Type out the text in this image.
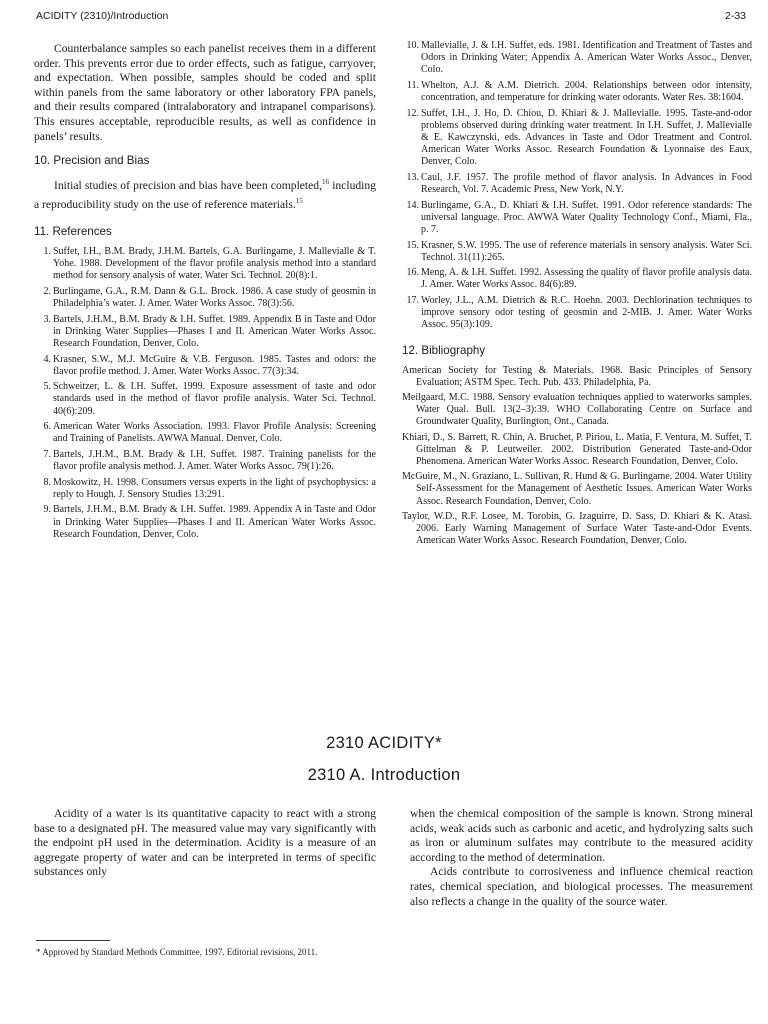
ACIDITY (2310)/Introduction	2-33

Counterbalance samples so each panelist receives them in a different order. This prevents error due to order effects, such as fatigue, carryover, and expectation. When possible, samples should be coded and split within panels from the same laboratory or other laboratory FPA panels, and their results compared (intralaboratory and intrapanel comparisons). This ensures acceptable, reproducible results, as well as confidence in panels’ results.

10. Precision and Bias

Initial studies of precision and bias have been completed,$^{16}$ including a reproducibility study on the use of reference materials.$^{15}$

11. References
1. Suffet, I.H., B.M. Brady, J.H.M. Bartels, G.A. Burlingame, J. Mallevialle & T. Yohe. 1988. Development of the flavor profile analysis method into a standard method for sensory analysis of water. Water Sci. Technol. 20(8):1.
2. Burlingame, G.A., R.M. Dann & G.L. Brock. 1986. A case study of geosmin in Philadelphia’s water. J. Amer. Water Works Assoc. 78(3):56.
3. Bartels, J.H.M., B.M. Brady & I.H. Suffet. 1989. Appendix B in Taste and Odor in Drinking Water Supplies—Phases I and II. American Water Works Assoc. Research Foundation, Denver, Colo.
4. Krasner, S.W., M.J. McGuire & V.B. Ferguson. 1985. Tastes and odors: the flavor profile method. J. Amer. Water Works Assoc. 77(3):34.
5. Schweitzer, L. & I.H. Suffet. 1999. Exposure assessment of taste and odor standards used in the method of flavor profile analysis. Water Sci. Technol. 40(6):209.
6. American Water Works Association. 1993. Flavor Profile Analysis: Screening and Training of Panelists. AWWA Manual. Denver, Colo.
7. Bartels, J.H.M., B.M. Brady & I.H. Suffet. 1987. Training panelists for the flavor profile analysis method. J. Amer. Water Works Assoc. 79(1):26.
8. Moskowitz, H. 1998. Consumers versus experts in the light of psychophysics: a reply to Hough. J. Sensory Studies 13:291.
9. Bartels, J.H.M., B.M. Brady & I.H. Suffet. 1989. Appendix A in Taste and Odor in Drinking Water Supplies—Phases I and II. American Water Works Assoc. Research Foundation, Denver, Colo.
10. Mallevialle, J. & I.H. Suffet, eds. 1981. Identification and Treatment of Tastes and Odors in Drinking Water; Appendix A. American Water Works Assoc., Denver, Colo.
11. Whelton, A.J. & A.M. Dietrich. 2004. Relationships between odor intensity, concentration, and temperature for drinking water odorants. Water Res. 38:1604.
12. Suffet, I.H., J. Ho, D. Chiou, D. Khiari & J. Mallevialle. 1995. Taste-and-odor problems observed during drinking water treatment. In I.H. Suffet, J. Mallevialle & E. Kawczynski, eds. Advances in Taste and Odor Treatment and Control. American Water Works Assoc. Research Foundation & Lyonnaise des Eaux, Denver, Colo.
13. Caul, J.F. 1957. The profile method of flavor analysis. In Advances in Food Research, Vol. 7. Academic Press, New York, N.Y.
14. Burlingame, G.A., D. Khiari & I.H. Suffet. 1991. Odor reference standards: The universal language. Proc. AWWA Water Quality Technology Conf., Miami, Fla., p. 7.
15. Krasner, S.W. 1995. The use of reference materials in sensory analysis. Water Sci. Technol. 31(11):265.
16. Meng, A. & I.H. Suffet. 1992. Assessing the quality of flavor profile analysis data. J. Amer. Water Works Assoc. 84(6):89.
17. Worley, J.L., A.M. Dietrich & R.C. Hoehn. 2003. Dechlorination techniques to improve sensory odor testing of geosmin and 2-MIB. J. Amer. Water Works Assoc. 95(3):109.
12. Bibliography

American Society for Testing & Materials. 1968. Basic Principles of Sensory Evaluation; ASTM Spec. Tech. Pub. 433. Philadelphia, Pa.

Meilgaard, M.C. 1988. Sensory evaluation techniques applied to waterworks samples. Water Qual. Bull. 13(2–3):39. WHO Collaborating Centre on Surface and Groundwater Quality, Burlington, Ont., Canada.

Khiari, D., S. Barrett, R. Chin, A. Bruchet, P. Piriou, L. Matia, F. Ventura, M. Suffet, T. Gittelman & P. Leutweiler. 2002. Distribution Generated Taste-and-Odor Phenomena. American Water Works Assoc. Research Foundation, Denver, Colo.

McGuire, M., N. Graziano, L. Sullivan, R. Hund & G. Burlingame. 2004. Water Utility Self-Assessment for the Management of Aesthetic Issues. American Water Works Assoc. Research Foundation, Denver, Colo.

Taylor, W.D., R.F. Losee, M. Torobin, G. Izaguirre, D. Sass, D. Khiari & K. Atasi. 2006. Early Warning Management of Surface Water Taste-and-Odor Events. American Water Works Assoc. Research Foundation, Denver, Colo.

2310 ACIDITY*
2310 A. Introduction

Acidity of a water is its quantitative capacity to react with a strong base to a designated pH. The measured value may vary significantly with the endpoint pH used in the determination. Acidity is a measure of an aggregate property of water and can be interpreted in terms of specific substances only

when the chemical composition of the sample is known. Strong mineral acids, weak acids such as carbonic and acetic, and hydrolyzing salts such as iron or aluminum sulfates may contribute to the measured acidity according to the method of determination.

Acids contribute to corrosiveness and influence chemical reaction rates, chemical speciation, and biological processes. The measurement also reflects a change in the quality of the source water.

* Approved by Standard Methods Committee, 1997. Editorial revisions, 2011.
